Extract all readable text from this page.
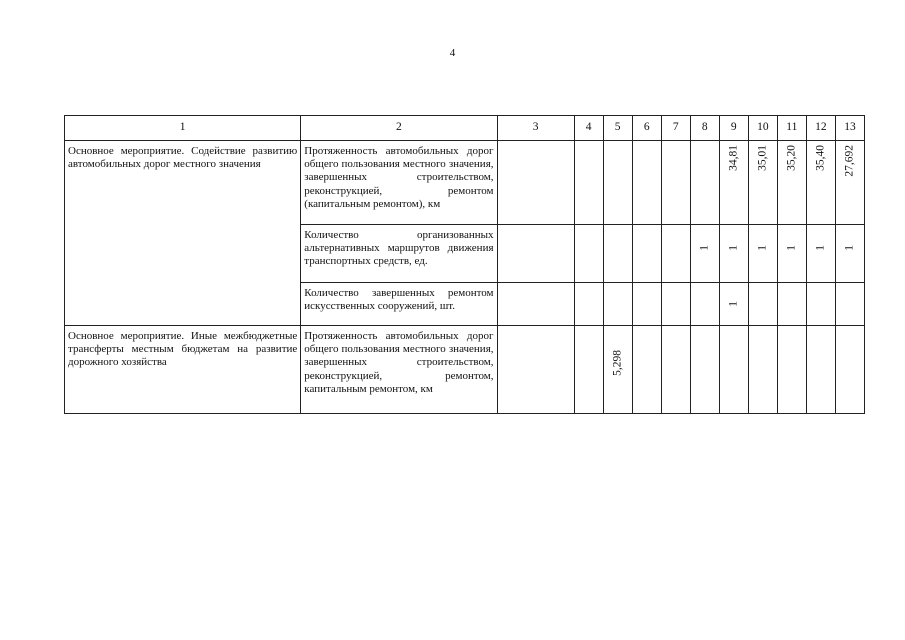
4
1	2	3	4	5	6	7	8	9	10	11	12	13

Основное мероприятие. Содействие развитию автомобильных дорог местного значения	Протяженность автомобильных дорог общего пользования местного значения, завершенных строительством, реконструкцией, ремонтом (капитальным ремонтом), км							34,81	35,01	35,20	35,40	27,692

	Количество организованных альтернативных маршрутов движения транспортных средств, ед.						1	1	1	1	1	1

	Количество завершенных ремонтом искусственных сооружений, шт.							1				

Основное мероприятие. Иные межбюджетные трансферты местным бюджетам на развитие дорожного хозяйства	Протяженность автомобильных дорог общего пользования местного значения, завершенных строительством, реконструкцией, ремонтом, капитальным ремонтом, км			5,298								
